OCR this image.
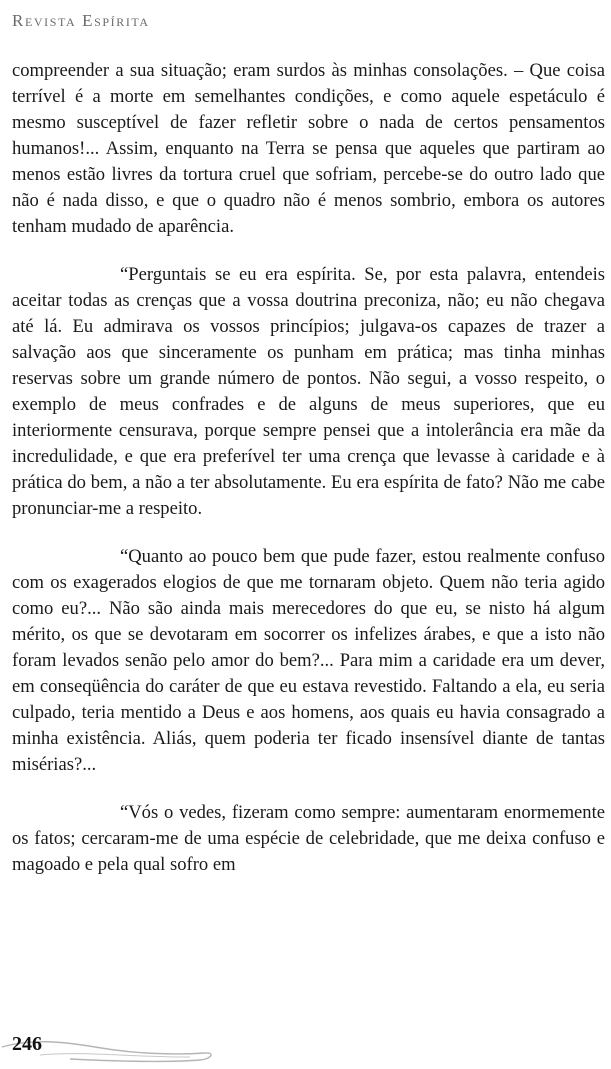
Revista Espírita

compreender a sua situação; eram surdos às minhas consolações. – Que coisa terrível é a morte em semelhantes condições, e como aquele espetáculo é mesmo susceptível de fazer refletir sobre o nada de certos pensamentos humanos!... Assim, enquanto na Terra se pensa que aqueles que partiram ao menos estão livres da tortura cruel que sofriam, percebe-se do outro lado que não é nada disso, e que o quadro não é menos sombrio, embora os autores tenham mudado de aparência.

“Perguntais se eu era espírita. Se, por esta palavra, entendeis aceitar todas as crenças que a vossa doutrina preconiza, não; eu não chegava até lá. Eu admirava os vossos princípios; julgava-os capazes de trazer a salvação aos que sinceramente os punham em prática; mas tinha minhas reservas sobre um grande número de pontos. Não segui, a vosso respeito, o exemplo de meus confrades e de alguns de meus superiores, que eu interiormente censurava, porque sempre pensei que a intolerância era mãe da incredulidade, e que era preferível ter uma crença que levasse à caridade e à prática do bem, a não a ter absolutamente. Eu era espírita de fato? Não me cabe pronunciar-me a respeito.

“Quanto ao pouco bem que pude fazer, estou realmente confuso com os exagerados elogios de que me tornaram objeto. Quem não teria agido como eu?... Não são ainda mais merecedores do que eu, se nisto há algum mérito, os que se devotaram em socorrer os infelizes árabes, e que a isto não foram levados senão pelo amor do bem?... Para mim a caridade era um dever, em conseqüência do caráter de que eu estava revestido. Faltando a ela, eu seria culpado, teria mentido a Deus e aos homens, aos quais eu havia consagrado a minha existência. Aliás, quem poderia ter ficado insensível diante de tantas misérias?...

“Vós o vedes, fizeram como sempre: aumentaram enormemente os fatos; cercaram-me de uma espécie de celebridade, que me deixa confuso e magoado e pela qual sofro em

246
